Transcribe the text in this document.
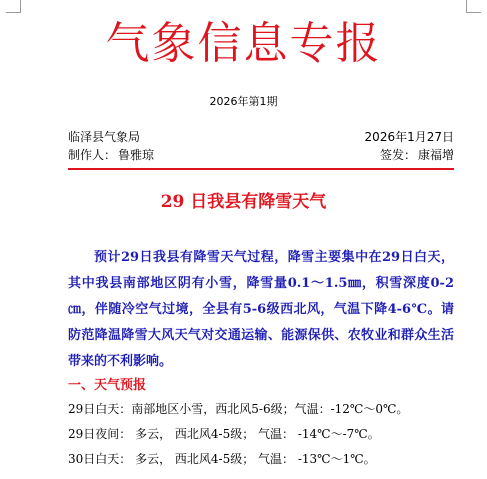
气象信息专报
2026年第1期
临泽县气象局	2026年1月27日
制作人： 鲁雅琼	签发： 康福增
29 日我县有降雪天气

预计29日我县有降雪天气过程，降雪主要集中在29日白天，其中我县南部地区阴有小雪，降雪量0.1～1.5㎜，积雪深度0-2㎝，伴随冷空气过境，全县有5-6级西北风，气温下降4-6℃。请防范降温降雪大风天气对交通运输、能源保供、农牧业和群众生活带来的不利影响。

一、天气预报
29日白天：南部地区小雪，西北风5-6级；气温：-12℃～0℃。
29日夜间： 多云， 西北风4-5级； 气温： -14℃～-7℃。
30日白天： 多云， 西北风4-5级； 气温： -13℃～1℃。
